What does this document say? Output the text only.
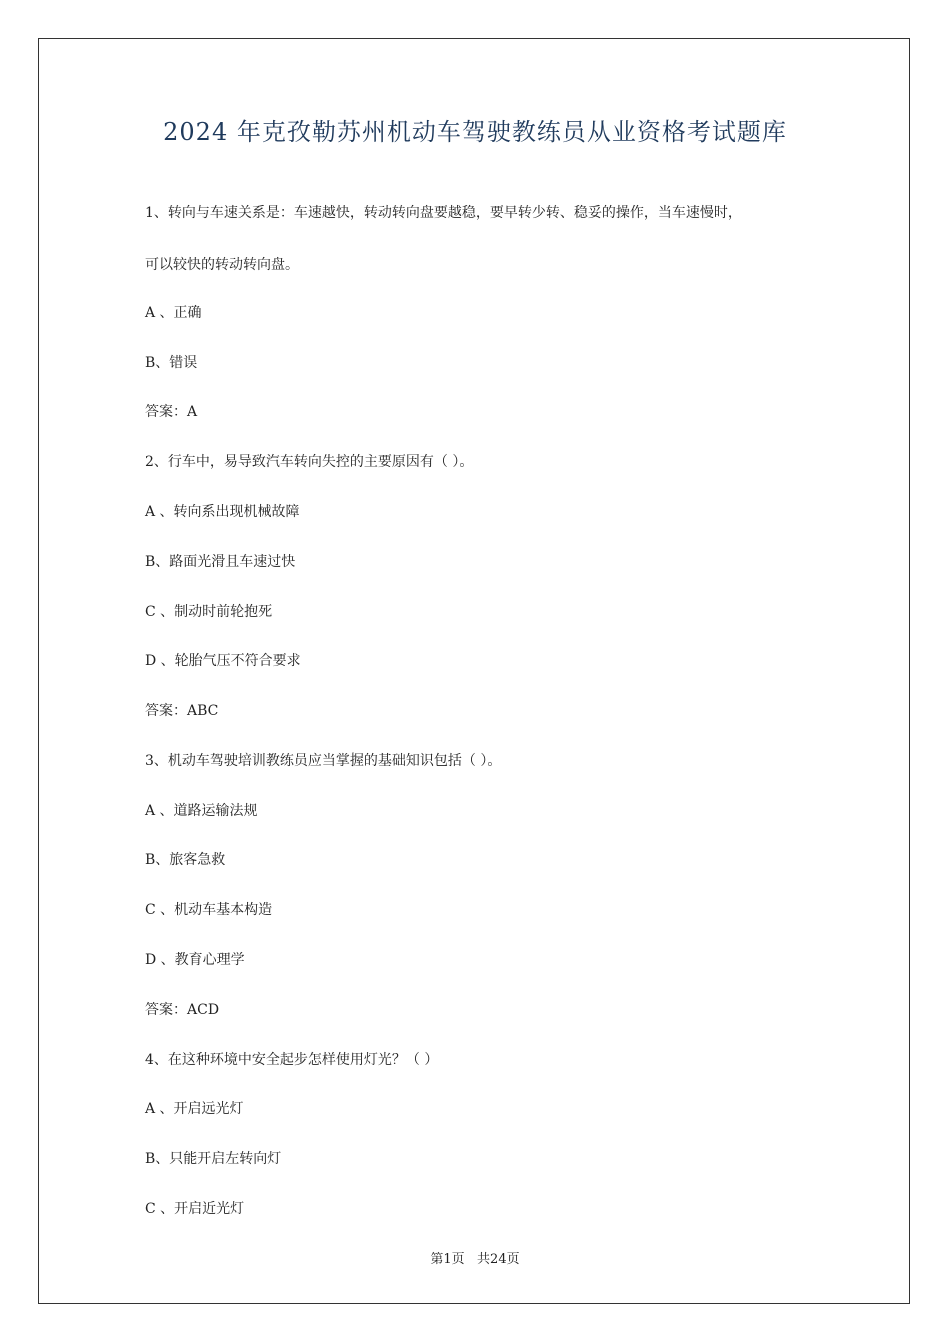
2024 年克孜勒苏州机动车驾驶教练员从业资格考试题库
1、转向与车速关系是：车速越快，转动转向盘要越稳，要早转少转、稳妥的操作，当车速慢时，
可以较快的转动转向盘。
A 、正确
B、错误
答案：A
2、行车中，易导致汽车转向失控的主要原因有（ ）。
A 、转向系出现机械故障
B、路面光滑且车速过快
C 、制动时前轮抱死
D 、轮胎气压不符合要求
答案：ABC
3、机动车驾驶培训教练员应当掌握的基础知识包括（ ）。
A 、道路运输法规
B、旅客急救
C 、机动车基本构造
D 、教育心理学
答案：ACD
4、在这种环境中安全起步怎样使用灯光？（ ）
A 、开启远光灯
B、只能开启左转向灯
C 、开启近光灯
第1页   共24页
